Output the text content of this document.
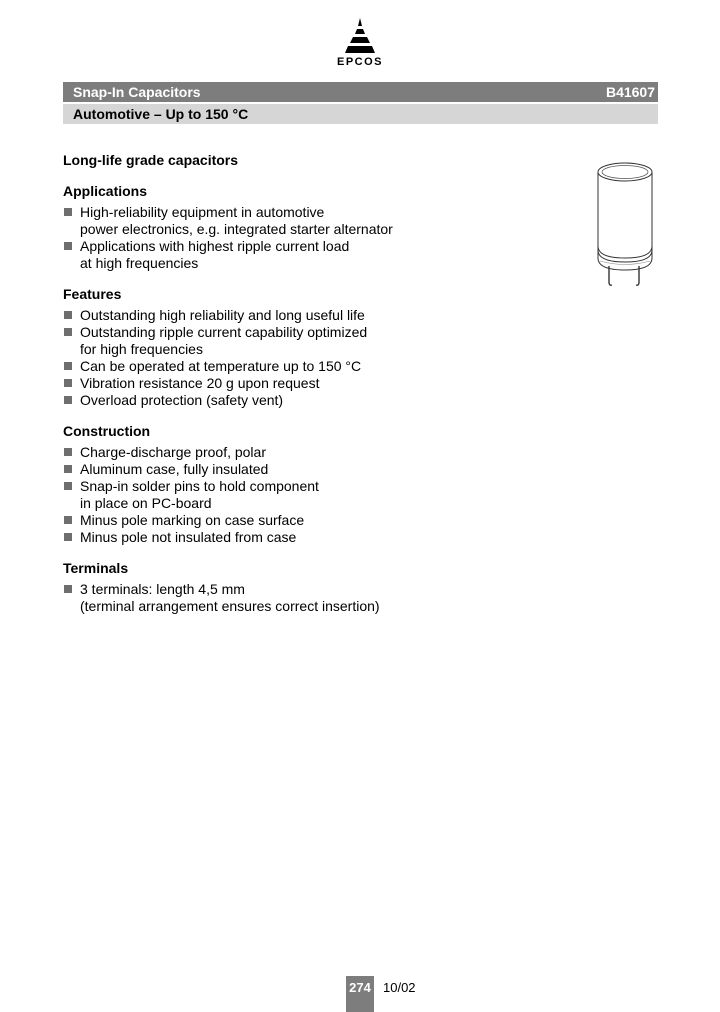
EPCOS
Snap-In Capacitors	B41607
Automotive – Up to 150 °C
Long-life grade capacitors
Applications
High-reliability equipment in automotive
power electronics, e.g. integrated starter alternator
Applications with highest ripple current load
at high frequencies
Features
Outstanding high reliability and long useful life
Outstanding ripple current capability optimized
for high frequencies
Can be operated at temperature up to 150 °C
Vibration resistance 20 g upon request
Overload protection (safety vent)
Construction
Charge-discharge proof, polar
Aluminum case, fully insulated
Snap-in solder pins to hold component
in place on PC-board
Minus pole marking on case surface
Minus pole not insulated from case
Terminals
3 terminals: length 4,5 mm
(terminal arrangement ensures correct insertion)
274 10/02
